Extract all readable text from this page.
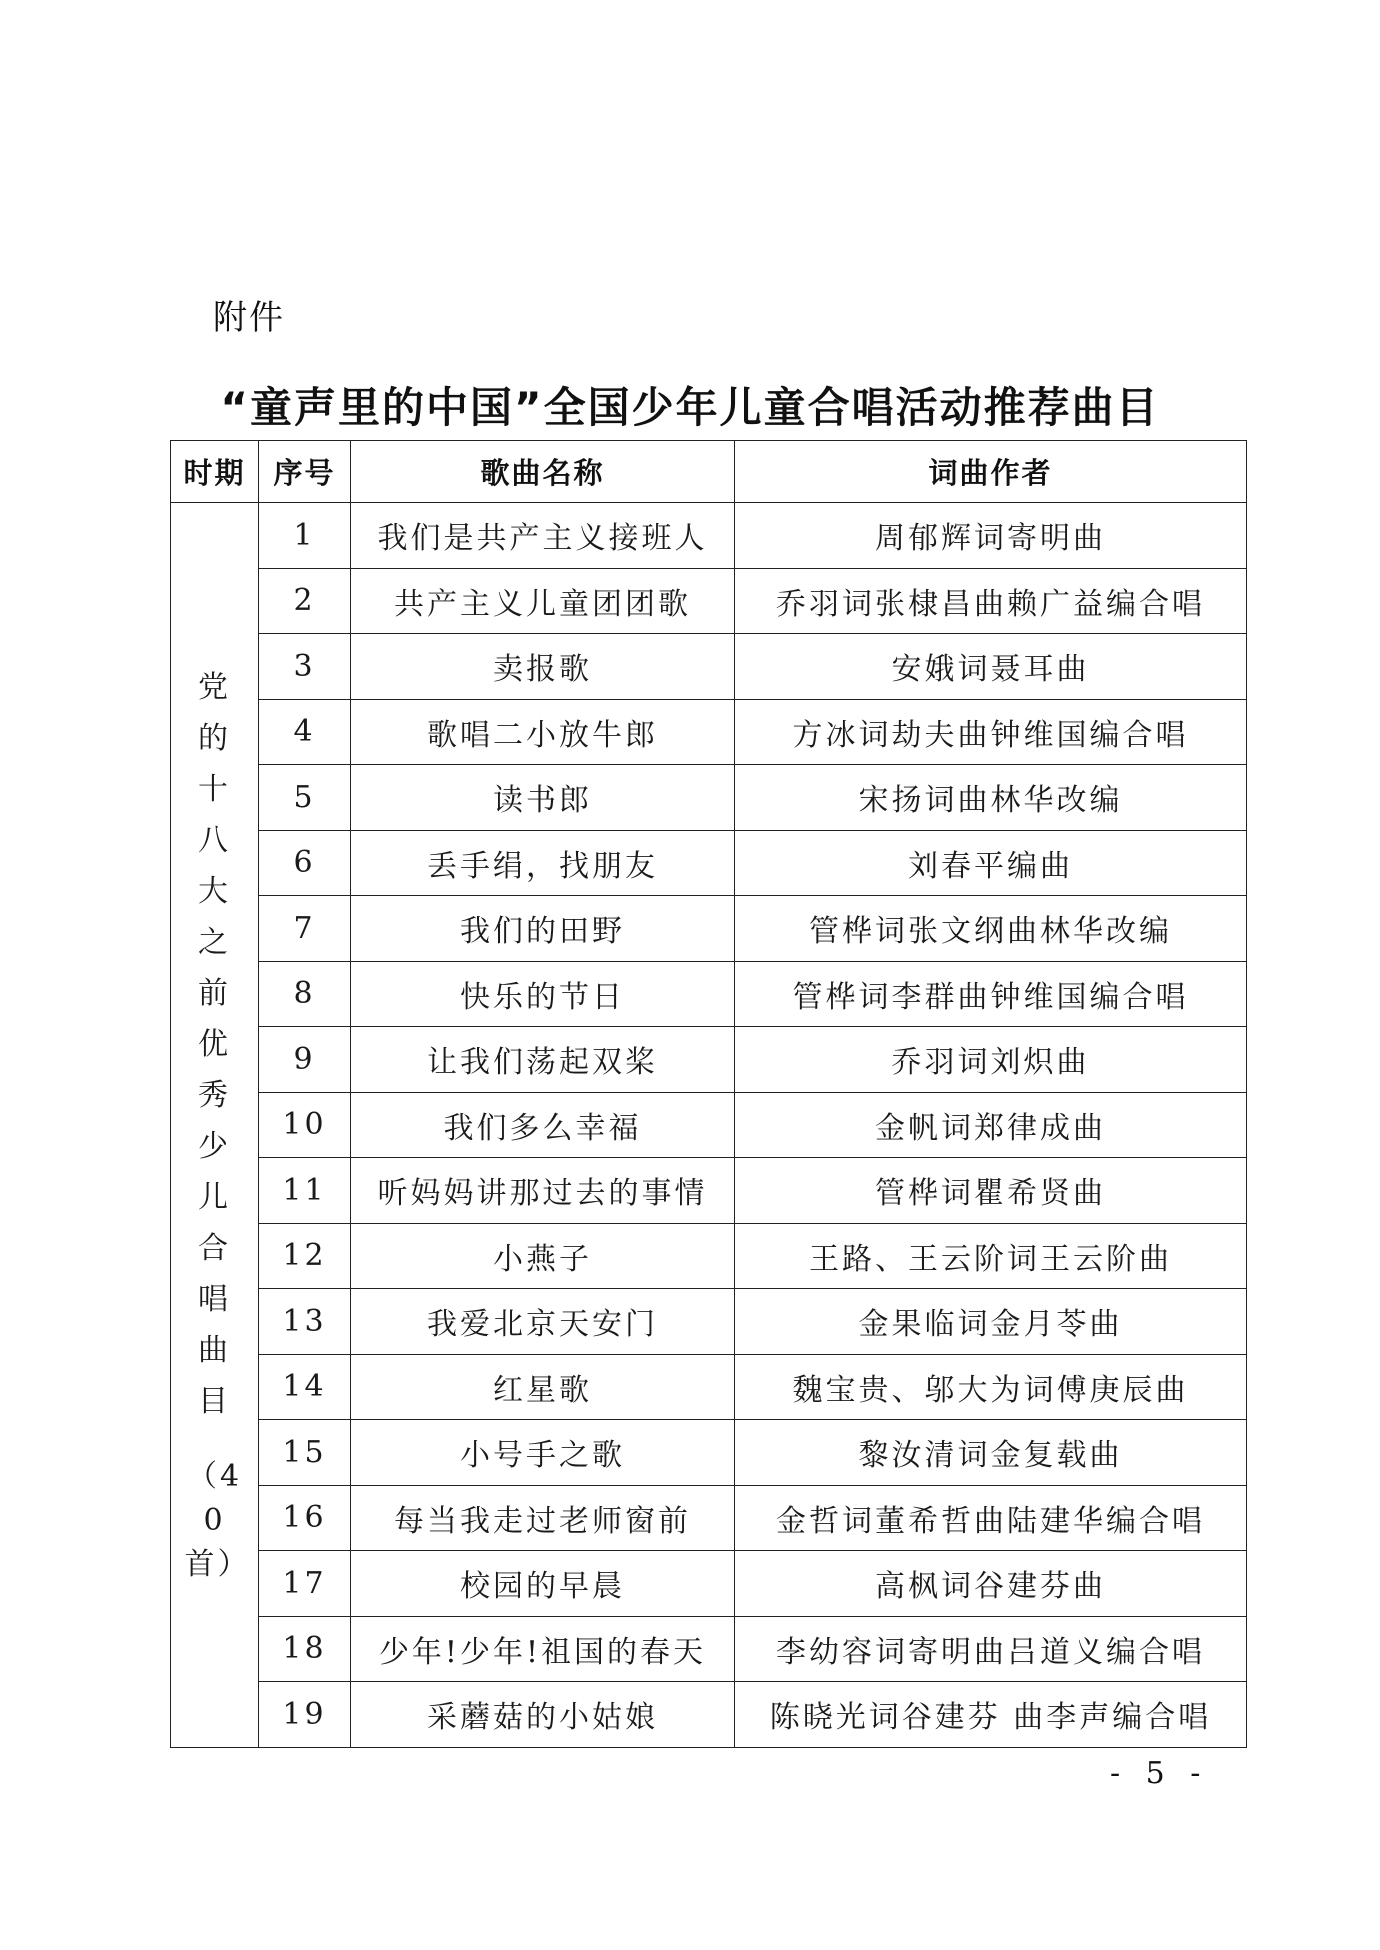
附件
“童声里的中国”全国少年儿童合唱活动推荐曲目
时期	序号	歌曲名称	词曲作者

党的十八大之前优秀少儿合唱曲目
（40首）	1	我们是共产主义接班人	周郁辉词寄明曲
	2	共产主义儿童团团歌	乔羽词张棣昌曲赖广益编合唱
	3	卖报歌	安娥词聂耳曲
	4	歌唱二小放牛郎	方冰词劫夫曲钟维国编合唱
	5	读书郎	宋扬词曲林华改编
	6	丢手绢，找朋友	刘春平编曲
	7	我们的田野	管桦词张文纲曲林华改编
	8	快乐的节日	管桦词李群曲钟维国编合唱
	9	让我们荡起双桨	乔羽词刘炽曲
	10	我们多么幸福	金帆词郑律成曲
	11	听妈妈讲那过去的事情	管桦词瞿希贤曲
	12	小燕子	王路、王云阶词王云阶曲
	13	我爱北京天安门	金果临词金月苓曲
	14	红星歌	魏宝贵、邬大为词傅庚辰曲
	15	小号手之歌	黎汝清词金复载曲
	16	每当我走过老师窗前	金哲词董希哲曲陆建华编合唱
	17	校园的早晨	高枫词谷建芬曲
	18	少年!少年!祖国的春天	李幼容词寄明曲吕道义编合唱
	19	采蘑菇的小姑娘	陈晓光词谷建芬 曲李声编合唱
- 5 -
